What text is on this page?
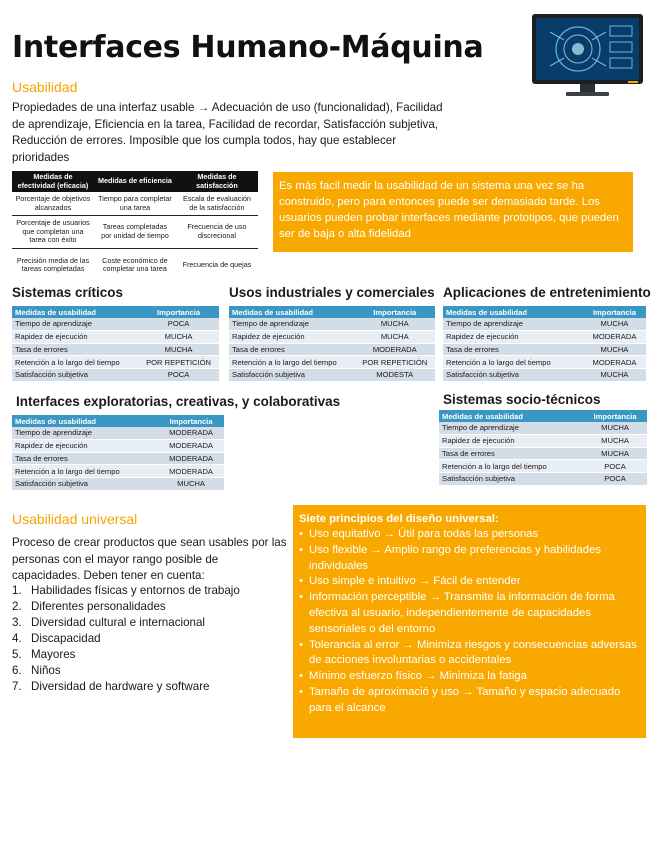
Interfaces Humano-Máquina
Usabilidad
Propiedades de una interfaz usable → Adecuación de uso (funcionalidad), Facilidad de aprendizaje, Eficiencia en la tarea, Facilidad de recordar, Satisfacción subjetiva, Reducción de errores. Imposible que los cumpla todos, hay que establecer prioridades
Medidas de efectividad (eficacia)	Medidas de eficiencia	Medidas de satisfacción
Porcentaje de objetivos alcanzados	Tiempo para completar una tarea	Escala de evaluación de la satisfacción
Porcentaje de usuarios que completan una tarea con éxito	Tareas completadas por unidad de tiempo	Frecuencia de uso discrecional
Precisión media de las tareas completadas	Coste económico de completar una tarea	Frecuencia de quejas
Es más facil medir la usabilidad de un sistema una vez se ha construido, pero para entonces puede ser demasiado tarde. Los usuarios pueden probar interfaces mediante prototipos, que pueden ser de baja o alta fidelidad
Sistemas críticos
Medidas de usabilidad	Importancia
Tiempo de aprendizaje	POCA
Rapidez de ejecución	MUCHA
Tasa de errores	MUCHA
Retención a lo largo del tiempo	POR REPETICIÓN
Satisfacción subjetiva	POCA
Usos industriales y comerciales
Medidas de usabilidad	Importancia
Tiempo de aprendizaje	MUCHA
Rapidez de ejecución	MUCHA
Tasa de errores	MODERADA
Retención a lo largo del tiempo	POR REPETICIÓN
Satisfacción subjetiva	MODESTA
Aplicaciones de entretenimiento
Medidas de usabilidad	Importancia
Tiempo de aprendizaje	MUCHA
Rapidez de ejecución	MODERADA
Tasa de errores	MUCHA
Retención a lo largo del tiempo	MODERADA
Satisfacción subjetiva	MUCHA
Interfaces exploratorias, creativas, y colaborativas
Medidas de usabilidad	Importancia
Tiempo de aprendizaje	MODERADA
Rapidez de ejecución	MODERADA
Tasa de errores	MODERADA
Retención a lo largo del tiempo	MODERADA
Satisfacción subjetiva	MUCHA
Sistemas socio-técnicos
Medidas de usabilidad	Importancia
Tiempo de aprendizaje	MUCHA
Rapidez de ejecución	MUCHA
Tasa de errores	MUCHA
Retención a lo largo del tiempo	POCA
Satisfacción subjetiva	POCA
Usabilidad universal
Proceso de crear productos que sean usables por las personas con el mayor rango posible de capacidades. Deben tener en cuenta:
1. Habilidades físicas y entornos de trabajo
2. Diferentes personalidades
3. Diversidad cultural e internacional
4. Discapacidad
5. Mayores
6. Niños
7. Diversidad de hardware y software
Siete principios del diseño universal:
• Uso equitativo → Útil para todas las personas
• Uso flexible → Amplio rango de preferencias y habilidades individuales
• Uso simple e intuitivo → Fácil de entender
• Información perceptible → Transmite la información de forma efectiva al usuario, independientemente de capacidades sensoriales o del entorno
• Tolerancia al error → Minimiza riesgos y consecuencias adversas de acciones involuntarias o accidentales
• Mínimo esfuerzo físico → Minimiza la fatiga
• Tamaño de aproximació y uso → Tamaño y espacio adecuado para el alcance
